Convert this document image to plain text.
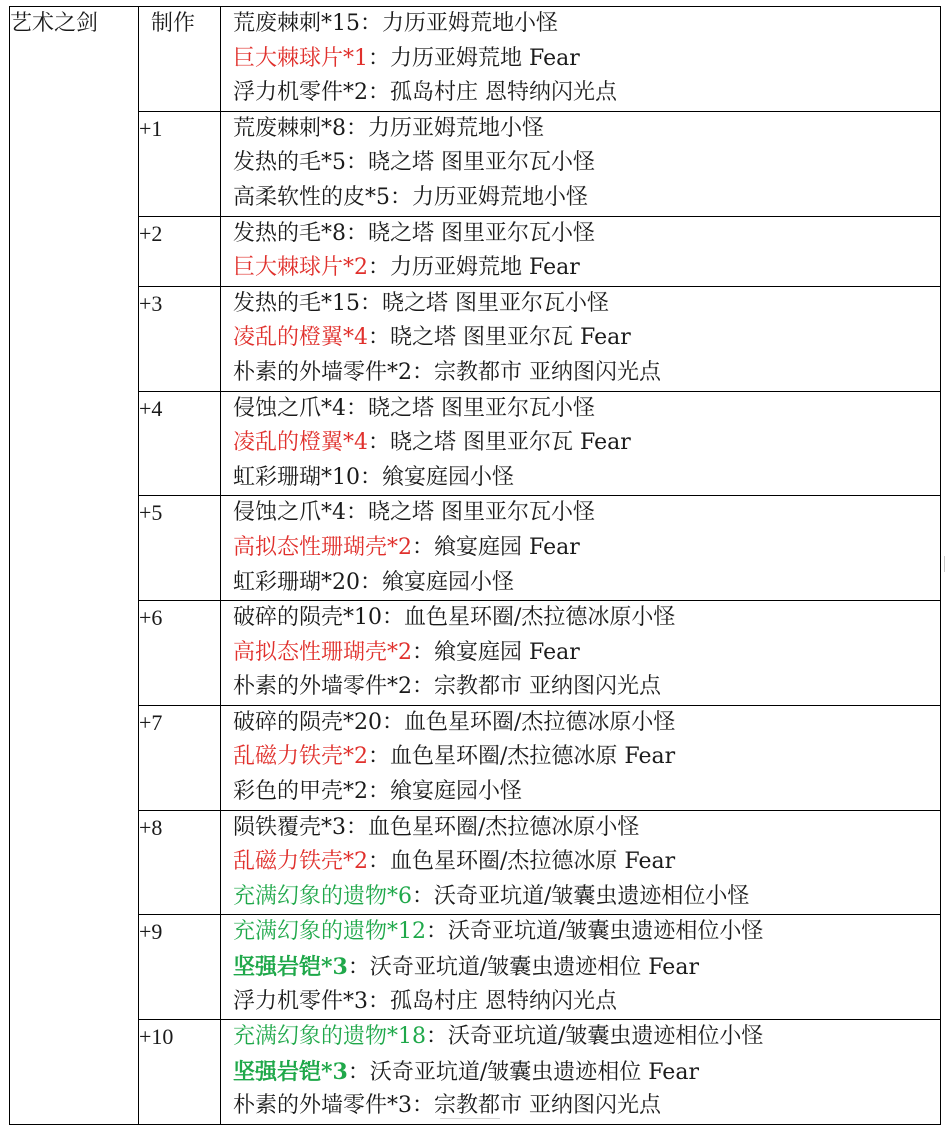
艺术之剑	制作	荒废棘刺*15：力历亚姆荒地小怪
巨大棘球片*1：力历亚姆荒地 Fear
浮力机零件*2：孤岛村庄 恩特纳闪光点

	+1	荒废棘刺*8：力历亚姆荒地小怪
发热的毛*5：晓之塔 图里亚尔瓦小怪
高柔软性的皮*5：力历亚姆荒地小怪

	+2	发热的毛*8：晓之塔 图里亚尔瓦小怪
巨大棘球片*2：力历亚姆荒地 Fear

	+3	发热的毛*15：晓之塔 图里亚尔瓦小怪
凌乱的橙翼*4：晓之塔 图里亚尔瓦 Fear
朴素的外墙零件*2：宗教都市 亚纳图闪光点

	+4	侵蚀之爪*4：晓之塔 图里亚尔瓦小怪
凌乱的橙翼*4：晓之塔 图里亚尔瓦 Fear
虹彩珊瑚*10：飨宴庭园小怪

	+5	侵蚀之爪*4：晓之塔 图里亚尔瓦小怪
高拟态性珊瑚壳*2：飨宴庭园 Fear
虹彩珊瑚*20：飨宴庭园小怪

	+6	破碎的陨壳*10：血色星环圈/杰拉德冰原小怪
高拟态性珊瑚壳*2：飨宴庭园 Fear
朴素的外墙零件*2：宗教都市 亚纳图闪光点

	+7	破碎的陨壳*20：血色星环圈/杰拉德冰原小怪
乱磁力铁壳*2：血色星环圈/杰拉德冰原 Fear
彩色的甲壳*2：飨宴庭园小怪

	+8	陨铁覆壳*3：血色星环圈/杰拉德冰原小怪
乱磁力铁壳*2：血色星环圈/杰拉德冰原 Fear
充满幻象的遗物*6：沃奇亚坑道/皱囊虫遗迹相位小怪

	+9	充满幻象的遗物*12：沃奇亚坑道/皱囊虫遗迹相位小怪
坚强岩铠*3：沃奇亚坑道/皱囊虫遗迹相位 Fear
浮力机零件*3：孤岛村庄 恩特纳闪光点

	+10	充满幻象的遗物*18：沃奇亚坑道/皱囊虫遗迹相位小怪
坚强岩铠*3：沃奇亚坑道/皱囊虫遗迹相位 Fear
朴素的外墙零件*3：宗教都市 亚纳图闪光点
